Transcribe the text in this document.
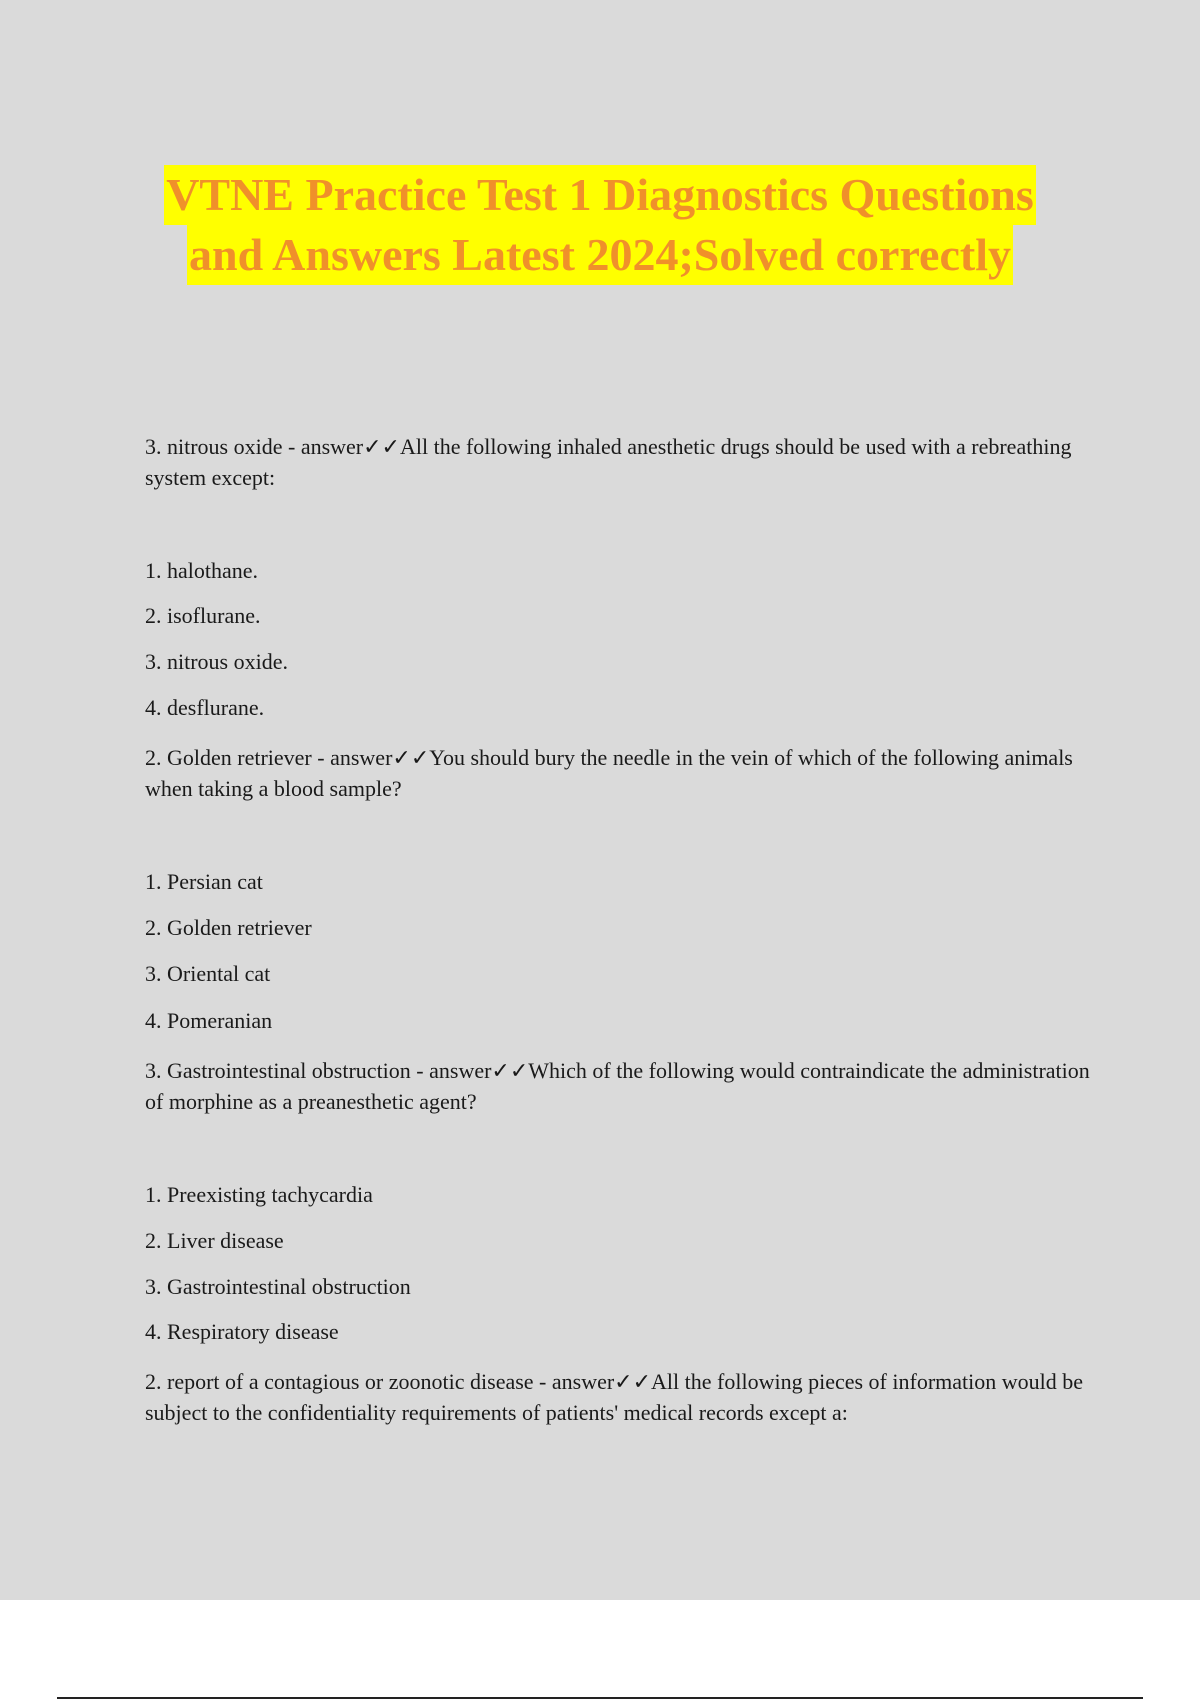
VTNE Practice Test 1 Diagnostics Questions
and Answers Latest 2024;Solved correctly
3. nitrous oxide - answer✓✓All the following inhaled anesthetic drugs should be used with a rebreathing system except:
1. halothane.
2. isoflurane.
3. nitrous oxide.
4. desflurane.
2. Golden retriever - answer✓✓You should bury the needle in the vein of which of the following animals when taking a blood sample?
1. Persian cat
2. Golden retriever
3. Oriental cat
4. Pomeranian
3. Gastrointestinal obstruction - answer✓✓Which of the following would contraindicate the administration of morphine as a preanesthetic agent?
1. Preexisting tachycardia
2. Liver disease
3. Gastrointestinal obstruction
4. Respiratory disease
2. report of a contagious or zoonotic disease - answer✓✓All the following pieces of information would be subject to the confidentiality requirements of patients' medical records except a:
